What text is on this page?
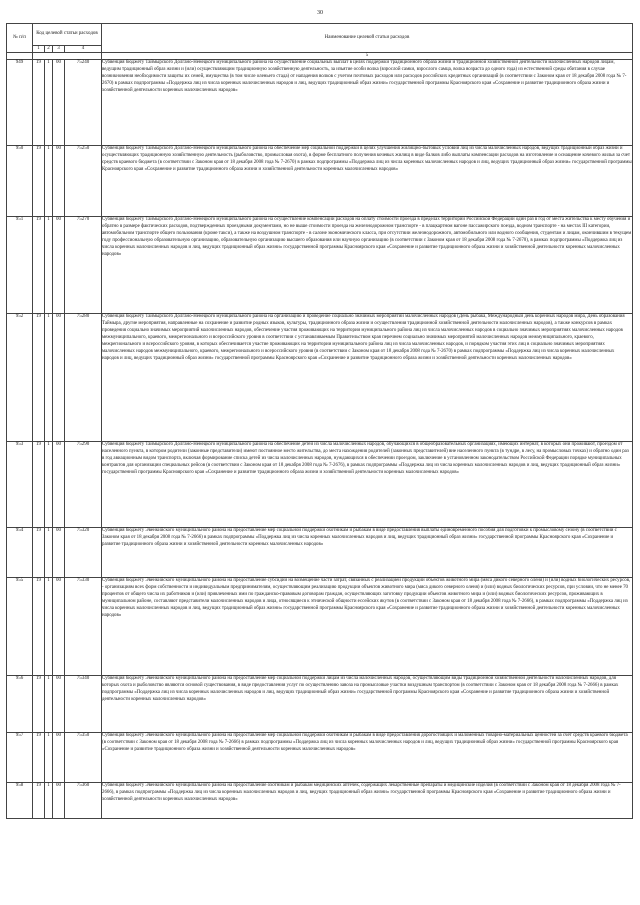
30
№ п/п	Код целевой статьи расходов				Наименование целевой статьи расходов
	1	2	3	4	
					5
949	19	1	00	75240	Субвенция бюджету Таймырского Долгано-Ненецкого муниципального района на осуществление социальных выплат в целях поддержки традиционного образа жизни и традиционной хозяйственной деятельности малочисленных народов лицам, ведущим традиционный образ жизни и (или) осуществляющим традиционную хозяйственную деятельность, за изъятие особи волка (взрослой самки, взрослого самца, волка возраста до одного года) из естественной среды обитания в случае возникновения необходимости защиты их семей, имущества (в том числе оленьего стада) от нападения волков с учетом почтовых расходов или расходов российских кредитных организаций (в соответствии с Законом края от 18 декабря 2008 года № 7-2670) в рамках подпрограммы «Поддержка лиц из числа коренных малочисленных народов и лиц, ведущих традиционный образ жизни» государственной программы Красноярского края «Сохранение и развитие традиционного образа жизни и хозяйственной деятельности коренных малочисленных народов»
950	19	1	00	75250	Субвенция бюджету Таймырского Долгано-Ненецкого муниципального района на обеспечение мер социальной поддержки в целях улучшения жилищно-бытовых условий лиц из числа малочисленных народов, ведущих традиционный образ жизни и осуществляющих традиционную хозяйственную деятельность (рыболовство, промысловая охота), в форме бесплатного получения кочевых жилищ в виде балков либо выплаты компенсации расходов на изготовление и оснащение кочевого жилья за счет средств краевого бюджета (в соответствии с Законом края от 18 декабря 2008 года № 7-2670) в рамках подпрограммы «Поддержка лиц из числа коренных малочисленных народов и лиц, ведущих традиционный образ жизни» государственной программы Красноярского края «Сохранение и развитие традиционного образа жизни и хозяйственной деятельности коренных малочисленных народов»
951	19	1	00	75270	Субвенция бюджету Таймырского Долгано-Ненецкого муниципального района на осуществление компенсации расходов на оплату стоимости проезда в пределах территории Российской Федерации один раз в год от места жительства к месту обучения и обратно в размере фактических расходов, подтвержденных проездными документами, но не выше стоимости проезда на железнодорожном транспорте - в плацкартном вагоне пассажирского поезда, водном транспорте - на местах III категории, автомобильном транспорте общего пользования (кроме такси), а также на воздушном транспорте - в салоне экономического класса, при отсутствии железнодорожного, автомобильного или водного сообщения, студентам и лицам, окончившим в текущем году профессиональную образовательную организацию, образовательную организацию высшего образования или научную организацию (в соответствии с Законом края от 18 декабря 2008 года № 7-2670), в рамках подпрограммы «Поддержка лиц из числа коренных малочисленных народов и лиц, ведущих традиционный образ жизни» государственной программы Красноярского края «Сохранение и развитие традиционного образа жизни и хозяйственной деятельности коренных малочисленных народов»
952	19	1	00	75280	Субвенция бюджету Таймырского Долгано-Ненецкого муниципального района на организацию и проведение социально значимых мероприятий малочисленных народов (День рыбака, Международный день коренных народов мира, День образования Таймыра, другие мероприятия, направленные на сохранение и развитие родных языков, культуры, традиционного образа жизни и осуществления традиционной хозяйственной деятельности малочисленных народов), а также конкурсов в рамках проведения социально значимых мероприятий малочисленных народов, обеспечение участия проживающих на территории муниципального района лиц из числа малочисленных народов в социально значимых мероприятиях малочисленных народов межмуниципального, краевого, межрегионального и всероссийского уровня в соответствии с устанавливаемым Правительством края перечнем социально значимых мероприятий малочисленных народов межмуниципального, краевого, межрегионального и всероссийского уровня, в которых обеспечивается участие проживающих на территории муниципального района лиц из числа малочисленных народов, и порядком участия этих лиц в социально значимых мероприятиях малочисленных народов межмуниципального, краевого, межрегионального и всероссийского уровня (в соответствии с Законом края от 18 декабря 2008 года № 7-2670) в рамках подпрограммы «Поддержка лиц из числа коренных малочисленных народов и лиц, ведущих традиционный образ жизни» государственной программы Красноярского края «Сохранение и развитие традиционного образа жизни и хозяйственной деятельности коренных малочисленных народов»
953	19	1	00	75290	Субвенция бюджету Таймырского Долгано-Ненецкого муниципального района на обеспечение детей из числа малочисленных народов, обучающихся в общеобразовательных организациях, имеющих интернат, в которых они проживают, проездом от населенного пункта, в котором родители (законные представители) имеют постоянное место жительства, до места нахождения родителей (законных представителей) вне населенного пункта (в тундре, в лесу, на промысловых точках) и обратно один раз в год авиационным видом транспорта, включая формирование списка детей из числа малочисленных народов, нуждающихся в обеспечении проездом, заключение в установленном законодательством Российской Федерации порядке муниципальных контрактов для организации специальных рейсов (в соответствии с Законом края от 18 декабря 2008 года № 7-2676), в рамках подпрограммы «Поддержка лиц из числа коренных малочисленных народов и лиц, ведущих традиционный образ жизни» государственной программы Красноярского края «Сохранение и развитие традиционного образа жизни и хозяйственной деятельности коренных малочисленных народов»
954	19	1	00	75320	Субвенция бюджету Эвенкийского муниципального района на предоставление мер социальной поддержки охотникам и рыбакам в виде предоставления выплаты единовременного пособия для подготовки к промысловому сезону (в соответствии с Законом края от 18 декабря 2008 года № 7-2666) в рамках подпрограммы «Поддержка лиц из числа коренных малочисленных народов и лиц, ведущих традиционный образ жизни» государственной программы Красноярского края «Сохранение и развитие традиционного образа жизни и хозяйственной деятельности коренных малочисленных народов»
955	19	1	00	75330	Субвенция бюджету Эвенкийского муниципального района на предоставление субсидии на возмещение части затрат, связанных с реализацией продукции объектов животного мира (мяса дикого северного оленя) и (или) водных биологических ресурсов, - организациям всех форм собственности и индивидуальным предпринимателям, осуществляющим реализацию продукции объектов животного мира (мяса дикого северного оленя) и (или) водных биологических ресурсов, при условии, что не менее 70 процентов от общего числа их работников и (или) привлеченных ими по гражданско-правовым договорам граждан, осуществляющих заготовку продукции объектов животного мира и (или) водных биологических ресурсов, проживающих в муниципальном районе, составляют представители малочисленных народов и лица, относящиеся к этнической общности ессейских якутов (в соответствии с Законом края от 18 декабря 2008 года № 7-2666), в рамках подпрограммы «Поддержка лиц из числа коренных малочисленных народов и лиц, ведущих традиционный образ жизни» государственной программы Красноярского края «Сохранение и развитие традиционного образа жизни и хозяйственной деятельности коренных малочисленных народов»
956	19	1	00	75340	Субвенция бюджету Эвенкийского муниципального района на предоставление мер социальной поддержки лицам из числа малочисленных народов, осуществляющим виды традиционной хозяйственной деятельности малочисленных народов, для которых охота и рыболовство являются основой существования, в виде предоставления услуг по осуществлению завоза на промысловые участки воздушным транспортом (в соответствии с Законом края от 18 декабря 2008 года № 7-2666) в рамках подпрограммы «Поддержка лиц из числа коренных малочисленных народов и лиц, ведущих традиционный образ жизни» государственной программы Красноярского края «Сохранение и развитие традиционного образа жизни и хозяйственной деятельности коренных малочисленных народов»
957	19	1	00	75350	Субвенция бюджету Эвенкийского муниципального района на предоставление мер социальной поддержки охотникам и рыбакам в виде предоставления дорогостоящих и маломенных товарно-материальных ценностей за счет средств краевого бюджета (в соответствии с Законом края от 18 декабря 2008 года № 7-2666) в рамках подпрограммы «Поддержка лиц из числа коренных малочисленных народов и лиц, ведущих традиционный образ жизни» государственной программы Красноярского края «Сохранение и развитие традиционного образа жизни и хозяйственной деятельности коренных малочисленных народов»
958	19	1	00	75360	Субвенция бюджету Эвенкийского муниципального района на предоставление охотникам и рыбакам медицинских аптечек, содержащих лекарственные препараты и медицинские изделия (в соответствии с Законом края от 18 декабря 2008 года № 7-2666), в рамках подпрограммы «Поддержка лиц из числа коренных малочисленных народов и лиц, ведущих традиционный образ жизни» государственной программы Красноярского края «Сохранение и развитие традиционного образа жизни и хозяйственной деятельности коренных малочисленных народов»
